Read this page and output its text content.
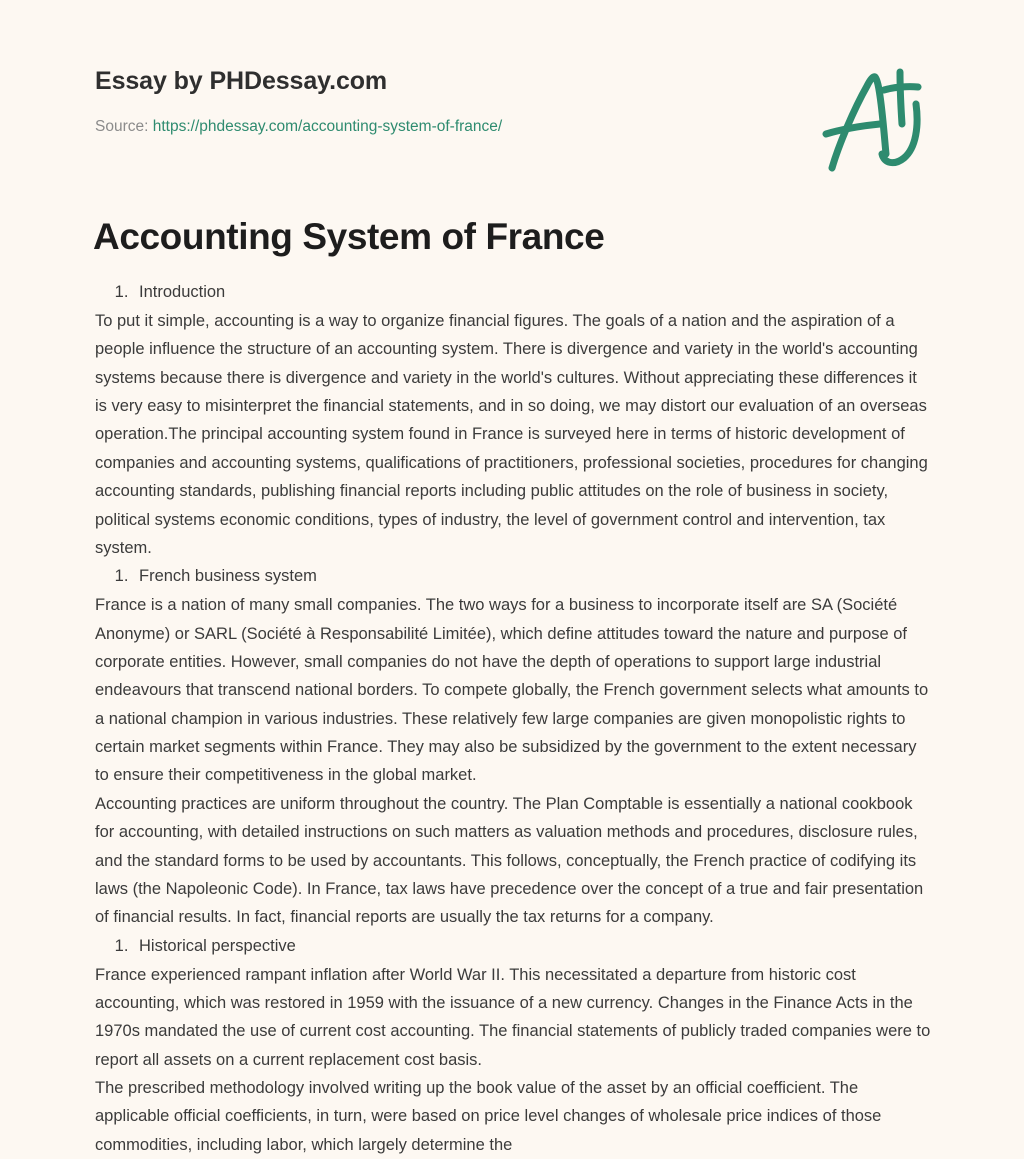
Essay by PHDessay.com
Source: https://phdessay.com/accounting-system-of-france/
Accounting System of France
1. Introduction

To put it simple, accounting is a way to organize financial figures. The goals of a nation and the aspiration of a people influence the structure of an accounting system. There is divergence and variety in the world's accounting systems because there is divergence and variety in the world's cultures. Without appreciating these differences it is very easy to misinterpret the financial statements, and in so doing, we may distort our evaluation of an overseas operation.The principal accounting system found in France is surveyed here in terms of historic development of companies and accounting systems, qualifications of practitioners, professional societies, procedures for changing accounting standards, publishing financial reports including public attitudes on the role of business in society, political systems economic conditions, types of industry, the level of government control and intervention, tax system.

1. French business system

France is a nation of many small companies. The two ways for a business to incorporate itself are SA (Société Anonyme) or SARL (Société à Responsabilité Limitée), which define attitudes toward the nature and purpose of corporate entities. However, small companies do not have the depth of operations to support large industrial endeavours that transcend national borders. To compete globally, the French government selects what amounts to a national champion in various industries. These relatively few large companies are given monopolistic rights to certain market segments within France. They may also be subsidized by the government to the extent necessary to ensure their competitiveness in the global market.

Accounting practices are uniform throughout the country. The Plan Comptable is essentially a national cookbook for accounting, with detailed instructions on such matters as valuation methods and procedures, disclosure rules, and the standard forms to be used by accountants. This follows, conceptually, the French practice of codifying its laws (the Napoleonic Code). In France, tax laws have precedence over the concept of a true and fair presentation of financial results. In fact, financial reports are usually the tax returns for a company.

1. Historical perspective

France experienced rampant inflation after World War II. This necessitated a departure from historic cost accounting, which was restored in 1959 with the issuance of a new currency. Changes in the Finance Acts in the 1970s mandated the use of current cost accounting. The financial statements of publicly traded companies were to report all assets on a current replacement cost basis.

The prescribed methodology involved writing up the book value of the asset by an official coefficient. The applicable official coefficients, in turn, were based on price level changes of wholesale price indices of those commodities, including labor, which largely determine the
